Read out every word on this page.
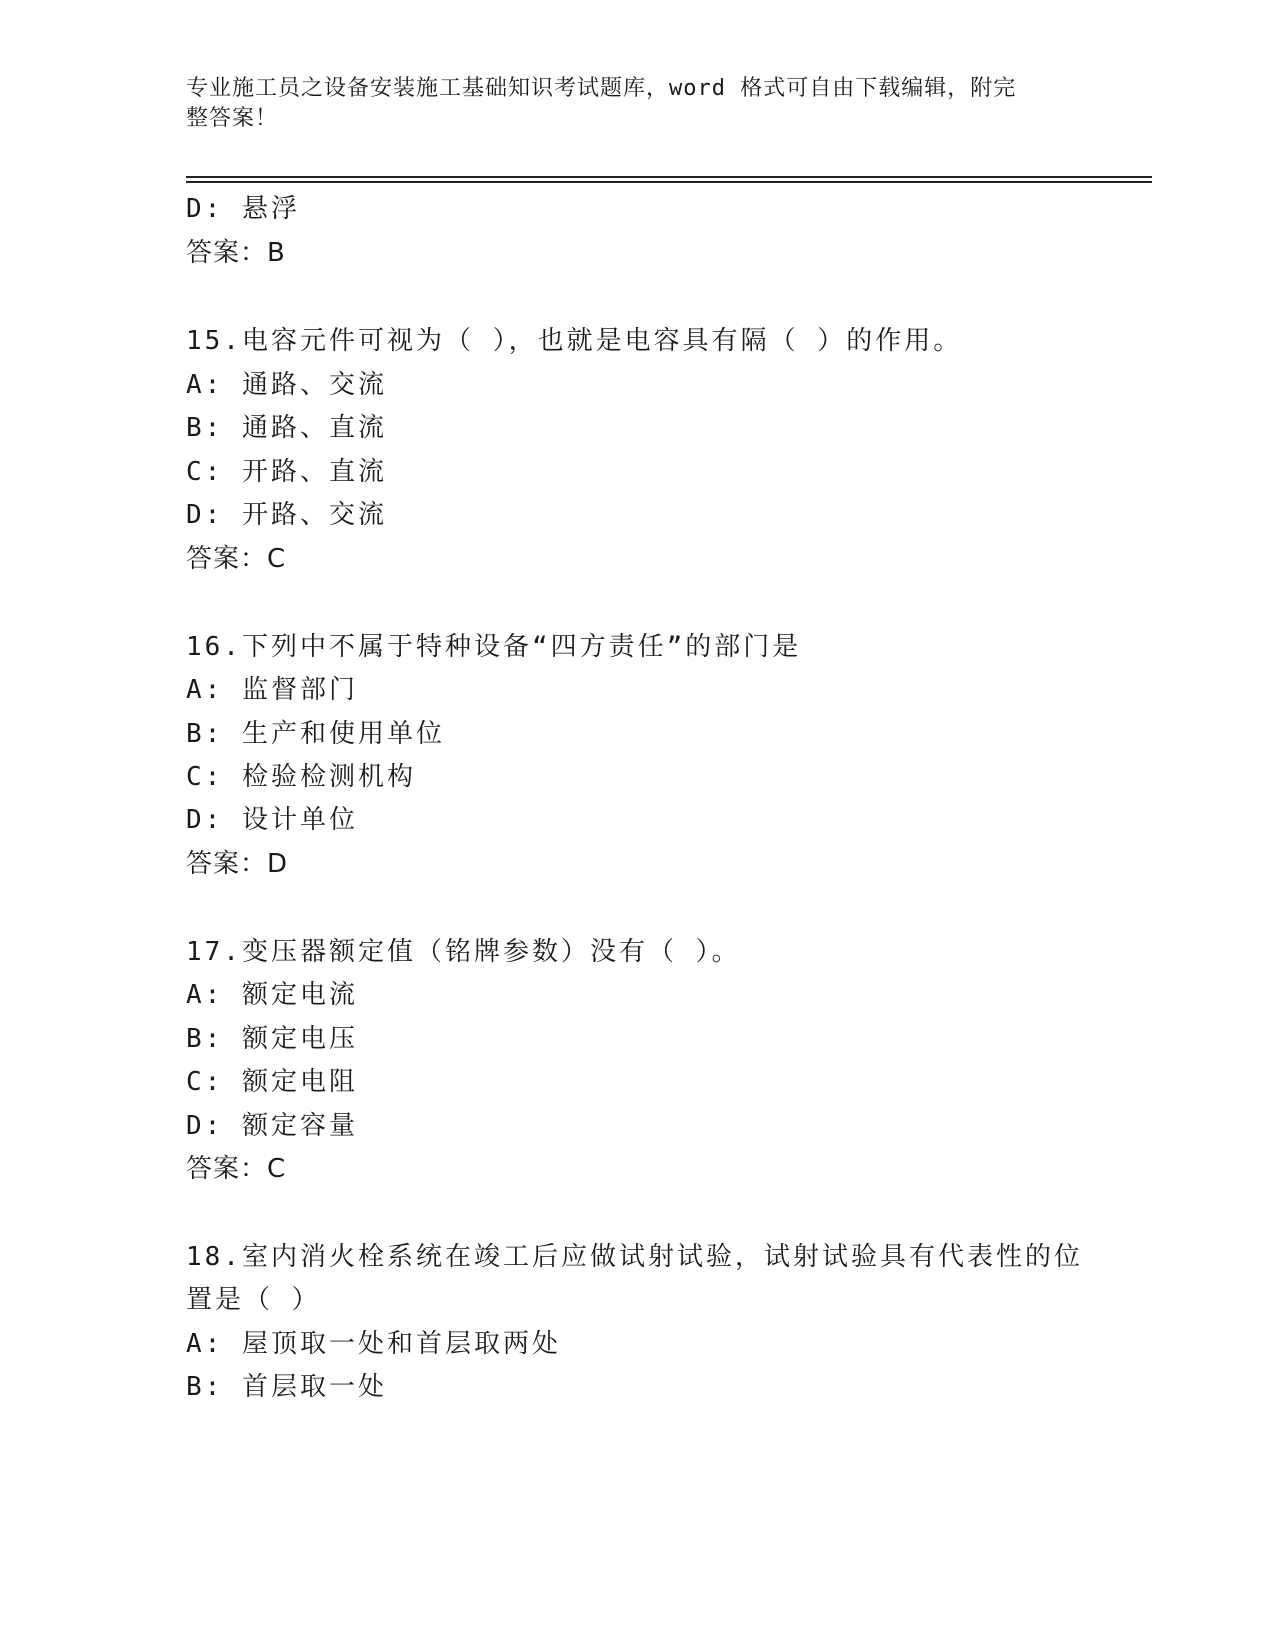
专业施工员之设备安装施工基础知识考试题库，word 格式可自由下载编辑，附完
整答案！
D: 悬浮
答案：B
15.电容元件可视为（ ），也就是电容具有隔（ ）的作用。
A: 通路、交流
B: 通路、直流
C: 开路、直流
D: 开路、交流
答案：C
16.下列中不属于特种设备“四方责任”的部门是
A: 监督部门
B: 生产和使用单位
C: 检验检测机构
D: 设计单位
答案：D
17.变压器额定值（铭牌参数）没有（ ）。
A: 额定电流
B: 额定电压
C: 额定电阻
D: 额定容量
答案：C
18.室内消火栓系统在竣工后应做试射试验，试射试验具有代表性的位
置是（ ）
A: 屋顶取一处和首层取两处
B: 首层取一处
